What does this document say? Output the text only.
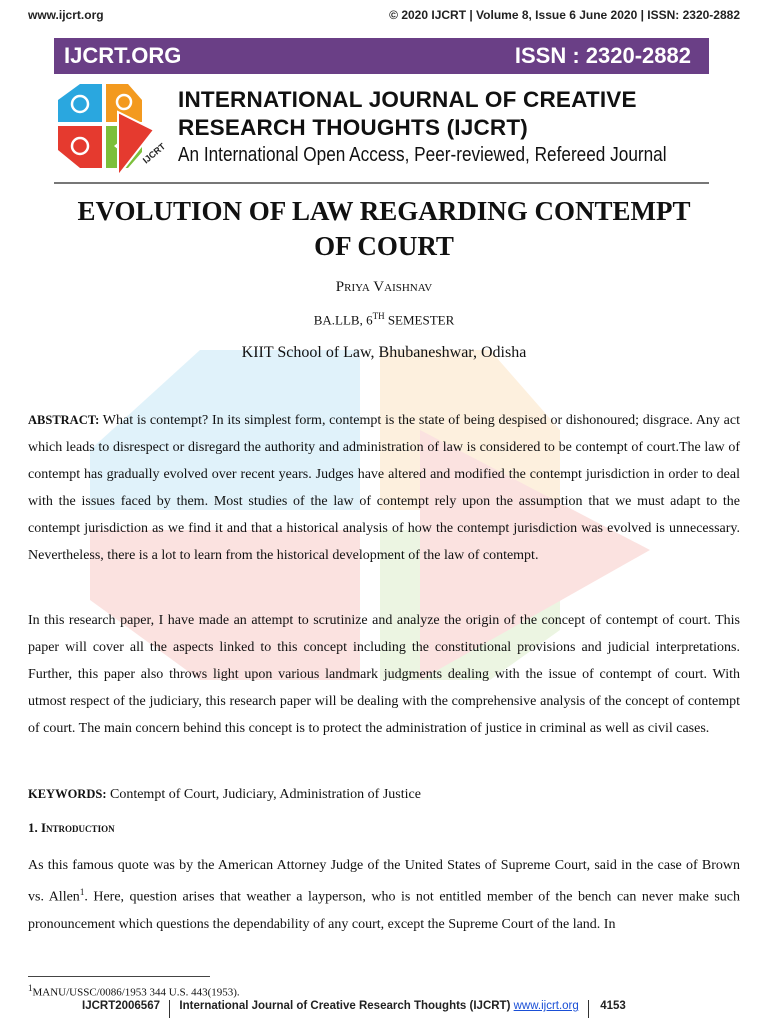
www.ijcrt.org	© 2020 IJCRT | Volume 8, Issue 6 June 2020 | ISSN: 2320-2882
IJCRT.ORG	ISSN : 2320-2882
IJCRT
INTERNATIONAL JOURNAL OF CREATIVE
RESEARCH THOUGHTS (IJCRT)
An International Open Access, Peer-reviewed, Refereed Journal
EVOLUTION OF LAW REGARDING CONTEMPT
OF COURT
Priya Vaishnav
BA.LLB, 6TH SEMESTER
KIIT School of Law, Bhubaneshwar, Odisha
ABSTRACT: What is contempt? In its simplest form, contempt is the state of being despised or dishonoured; disgrace. Any act which leads to disrespect or disregard the authority and administration of law is considered to be contempt of court.The law of contempt has gradually evolved over recent years. Judges have altered and modified the contempt jurisdiction in order to deal with the issues faced by them. Most studies of the law of contempt rely upon the assumption that we must adapt to the contempt jurisdiction as we find it and that a historical analysis of how the contempt jurisdiction was evolved is unnecessary. Nevertheless, there is a lot to learn from the historical development of the law of contempt.
In this research paper, I have made an attempt to scrutinize and analyze the origin of the concept of contempt of court. This paper will cover all the aspects linked to this concept including the constitutional provisions and judicial interpretations. Further, this paper also throws light upon various landmark judgments dealing with the issue of contempt of court. With utmost respect of the judiciary, this research paper will be dealing with the comprehensive analysis of the concept of contempt of court. The main concern behind this concept is to protect the administration of justice in criminal as well as civil cases.
KEYWORDS: Contempt of Court, Judiciary, Administration of Justice
1. Introduction
As this famous quote was by the American Attorney Judge of the United States of Supreme Court, said in the case of Brown vs. Allen$^1$. Here, question arises that weather a layperson, who is not entitled member of the bench can never make such pronouncement which questions the dependability of any court, except the Supreme Court of the land. In
$^1$MANU/USSC/0086/1953 344 U.S. 443(1953).
IJCRT2006567 International Journal of Creative Research Thoughts (IJCRT) www.ijcrt.org 4153
